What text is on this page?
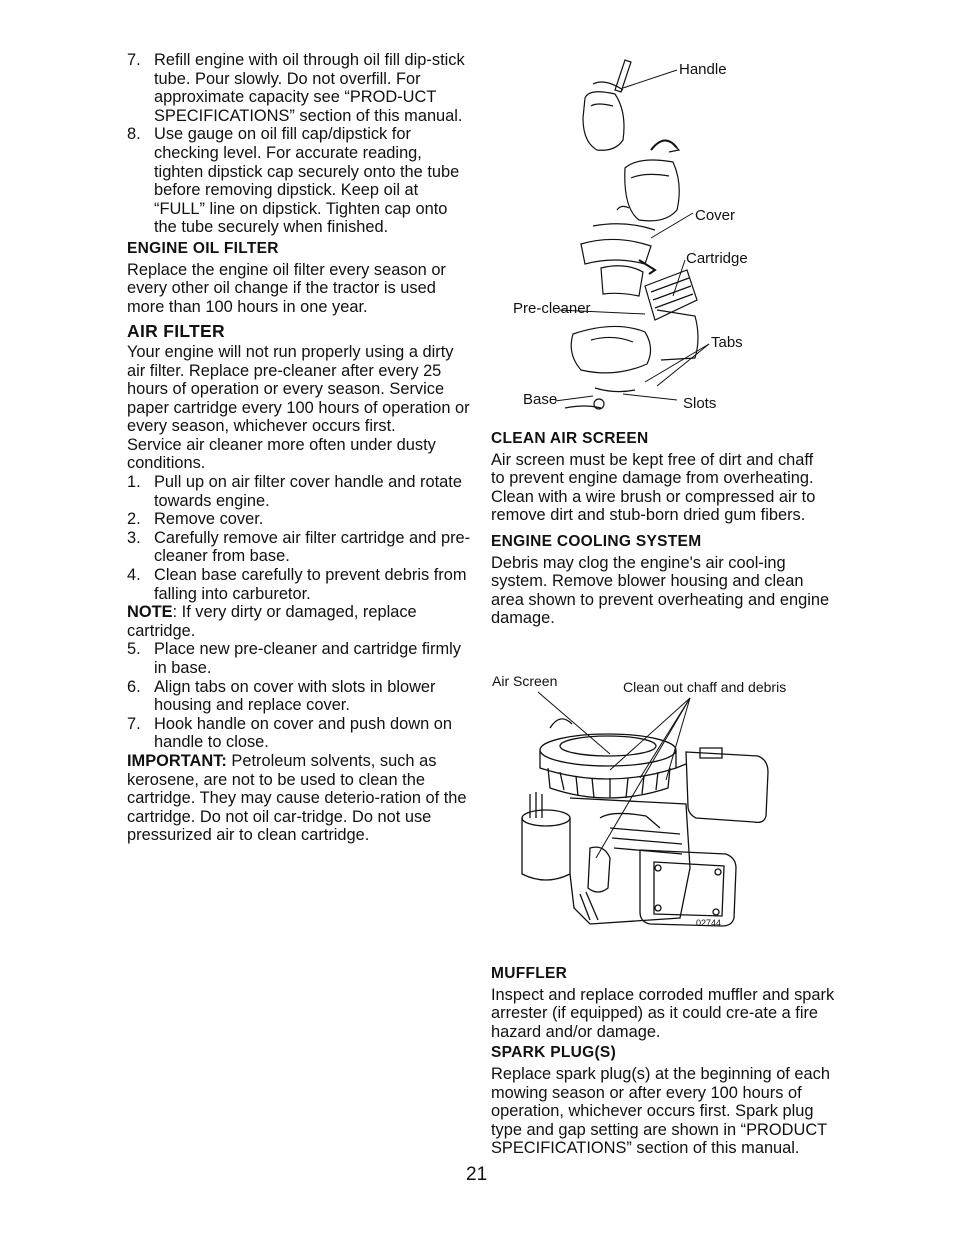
7. Refill engine with oil through oil fill dip-stick tube. Pour slowly. Do not overfill. For approximate capacity see “PROD-UCT SPECIFICATIONS” section of this manual.
8. Use gauge on oil fill cap/dipstick for checking level. For accurate reading, tighten dipstick cap securely onto the tube before removing dipstick. Keep oil at “FULL” line on dipstick. Tighten cap onto the tube securely when finished.

ENGINE OIL FILTER

Replace the engine oil filter every season or every other oil change if the tractor is used more than 100 hours in one year.

AIR FILTER

Your engine will not run properly using a dirty air filter. Replace pre-cleaner after every 25 hours of operation or every season. Service paper cartridge every 100 hours of operation or every season, whichever occurs first.

Service air cleaner more often under dusty conditions.

1. Pull up on air filter cover handle and rotate towards engine.
2. Remove cover.
3. Carefully remove air filter cartridge and pre-cleaner from base.
4. Clean base carefully to prevent debris from falling into carburetor.

NOTE: If very dirty or damaged, replace cartridge.

5. Place new pre-cleaner and cartridge firmly in base.
6. Align tabs on cover with slots in blower housing and replace cover.
7. Hook handle on cover and push down on handle to close.

IMPORTANT: Petroleum solvents, such as kerosene, are not to be used to clean the cartridge. They may cause deterio-ration of the cartridge. Do not oil car-tridge. Do not use pressurized air to clean cartridge.

Handle
Cover
Cartridge
Pre-cleaner
Tabs
Base	Slots

CLEAN AIR SCREEN

Air screen must be kept free of dirt and chaff to prevent engine damage from overheating. Clean with a wire brush or compressed air to remove dirt and stub-born dried gum fibers.

ENGINE COOLING SYSTEM

Debris may clog the engine's air cool-ing system. Remove blower housing and clean area shown to prevent overheating and engine damage.

Air Screen	Clean out chaff and debris
02744

MUFFLER

Inspect and replace corroded muffler and spark arrester (if equipped) as it could cre-ate a fire hazard and/or damage.

SPARK PLUG(S)

Replace spark plug(s) at the beginning of each mowing season or after every 100 hours of operation, whichever occurs first. Spark plug type and gap setting are shown in “PRODUCT SPECIFICATIONS” section of this manual.

21
